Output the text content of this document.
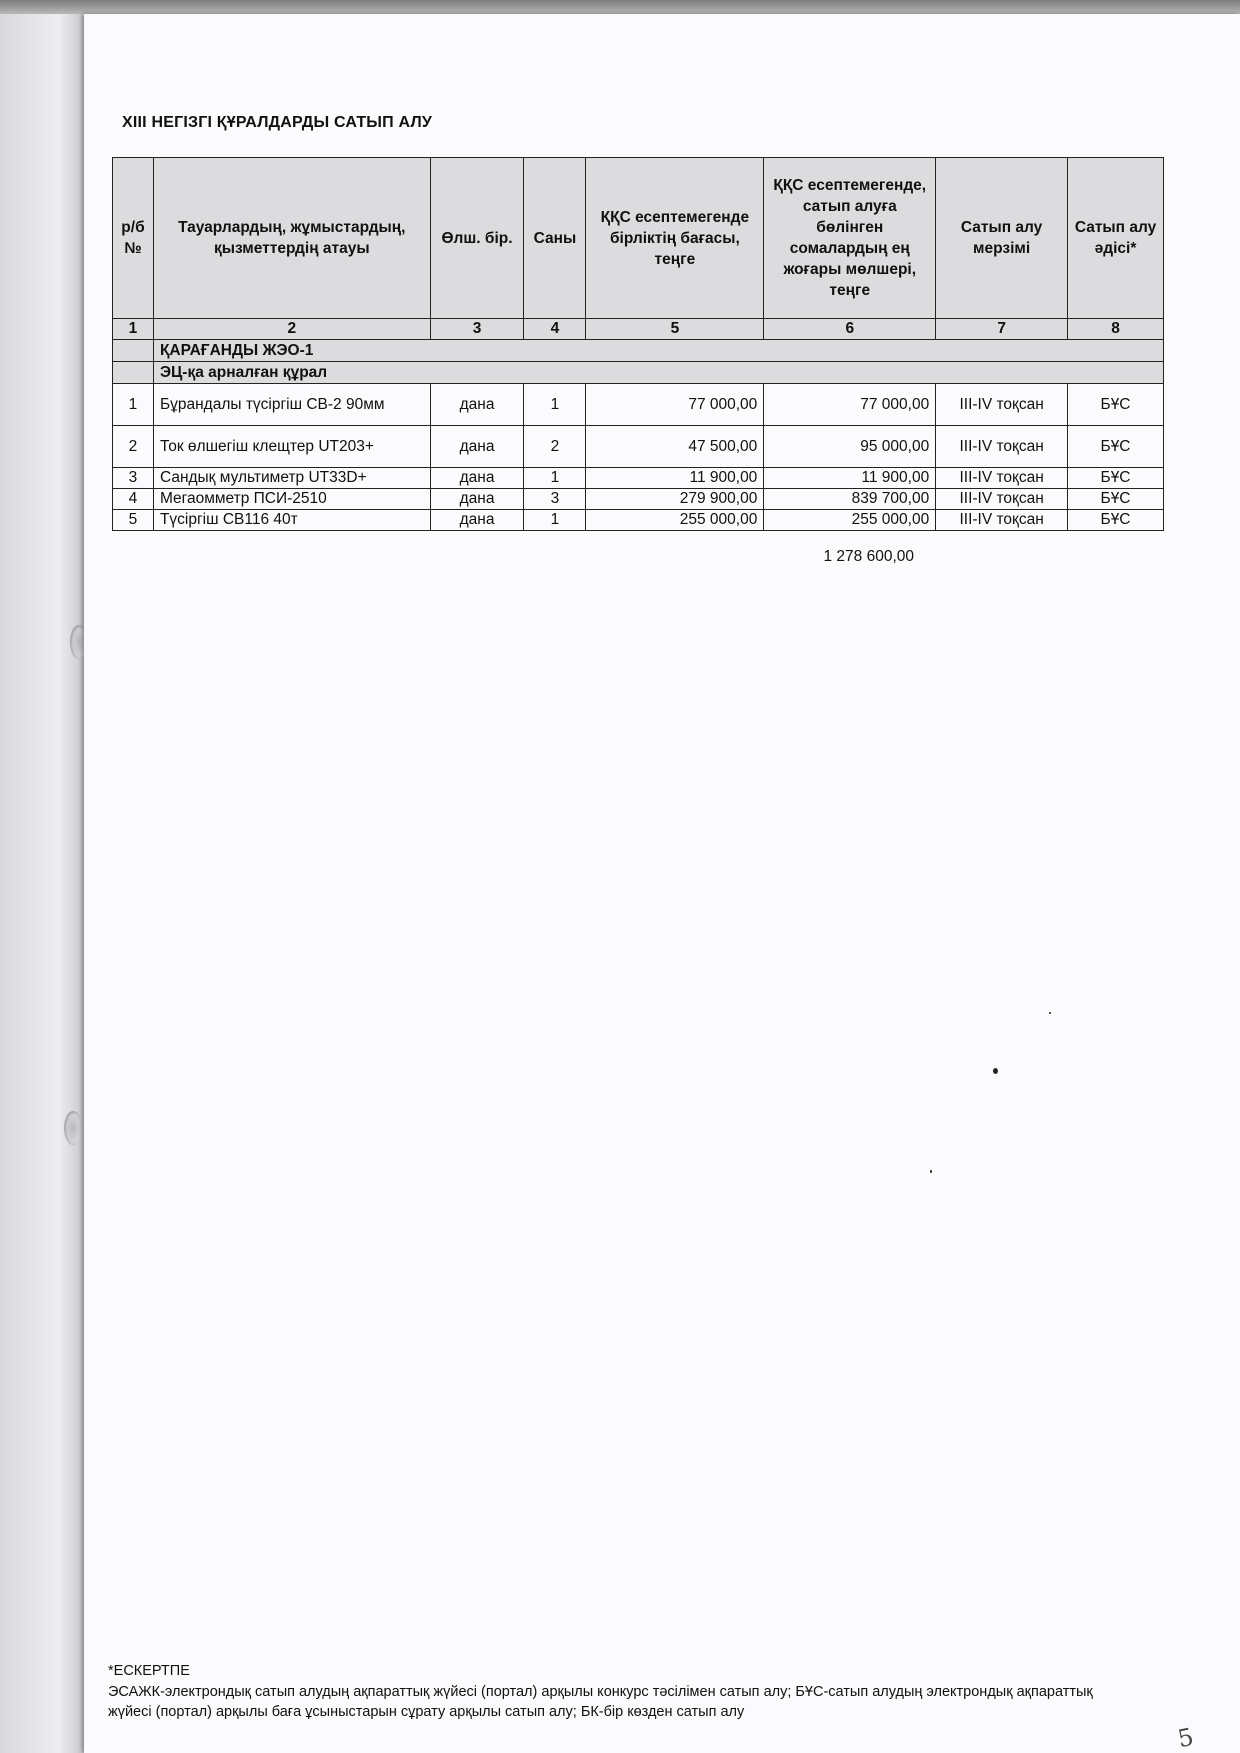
XIII НЕГІЗГІ ҚҰРАЛДАРДЫ САТЫП АЛУ
р/б №	Тауарлардың, жұмыстардың, қызметтердің атауы	Өлш. бір.	Саны	ҚҚС есептемегенде бірліктің бағасы, теңге	ҚҚС есептемегенде, сатып алуға бөлінген сомалардың ең жоғары мөлшері, теңге	Сатып алу мерзімі	Сатып алу әдісі*
1	2	3	4	5	6	7	8
	ҚАРАҒАНДЫ ЖЭО-1						
	ЭЦ-қа арналған құрал						
1	Бұрандалы түсіргіш СВ-2 90мм	дана	1	77 000,00	77 000,00	III-IV тоқсан	БҰС
2	Ток өлшегіш клещтер UT203+	дана	2	47 500,00	95 000,00	III-IV тоқсан	БҰС
3	Сандық мультиметр UT33D+	дана	1	11 900,00	11 900,00	III-IV тоқсан	БҰС
4	Мегаомметр ПСИ-2510	дана	3	279 900,00	839 700,00	III-IV тоқсан	БҰС
5	Түсіргіш СВ116 40т	дана	1	255 000,00	255 000,00	III-IV тоқсан	БҰС
1 278 600,00
*ЕСКЕРТПЕ
ЭСАЖК-электрондық сатып алудың ақпараттық жүйесі (портал) арқылы конкурс тәсілімен сатып алу; БҰС-сатып алудың электрондық ақпараттық жүйесі (портал) арқылы баға ұсыныстарын сұрату арқылы сатып алу; БК-бір көзден сатып алу
5
